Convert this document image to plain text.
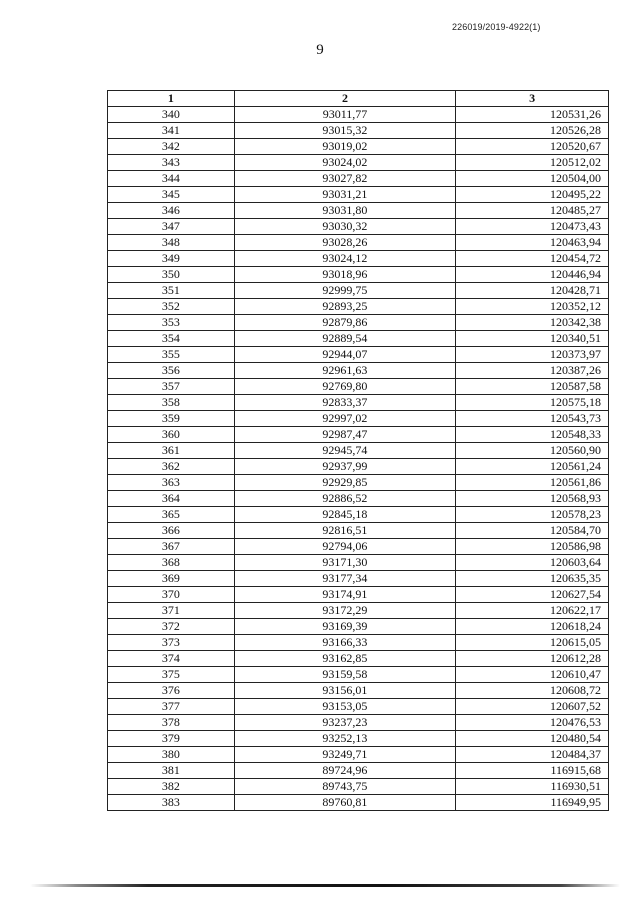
226019/2019-4922(1)
9
1	2	3
340	93011,77	120531,26
341	93015,32	120526,28
342	93019,02	120520,67
343	93024,02	120512,02
344	93027,82	120504,00
345	93031,21	120495,22
346	93031,80	120485,27
347	93030,32	120473,43
348	93028,26	120463,94
349	93024,12	120454,72
350	93018,96	120446,94
351	92999,75	120428,71
352	92893,25	120352,12
353	92879,86	120342,38
354	92889,54	120340,51
355	92944,07	120373,97
356	92961,63	120387,26
357	92769,80	120587,58
358	92833,37	120575,18
359	92997,02	120543,73
360	92987,47	120548,33
361	92945,74	120560,90
362	92937,99	120561,24
363	92929,85	120561,86
364	92886,52	120568,93
365	92845,18	120578,23
366	92816,51	120584,70
367	92794,06	120586,98
368	93171,30	120603,64
369	93177,34	120635,35
370	93174,91	120627,54
371	93172,29	120622,17
372	93169,39	120618,24
373	93166,33	120615,05
374	93162,85	120612,28
375	93159,58	120610,47
376	93156,01	120608,72
377	93153,05	120607,52
378	93237,23	120476,53
379	93252,13	120480,54
380	93249,71	120484,37
381	89724,96	116915,68
382	89743,75	116930,51
383	89760,81	116949,95
